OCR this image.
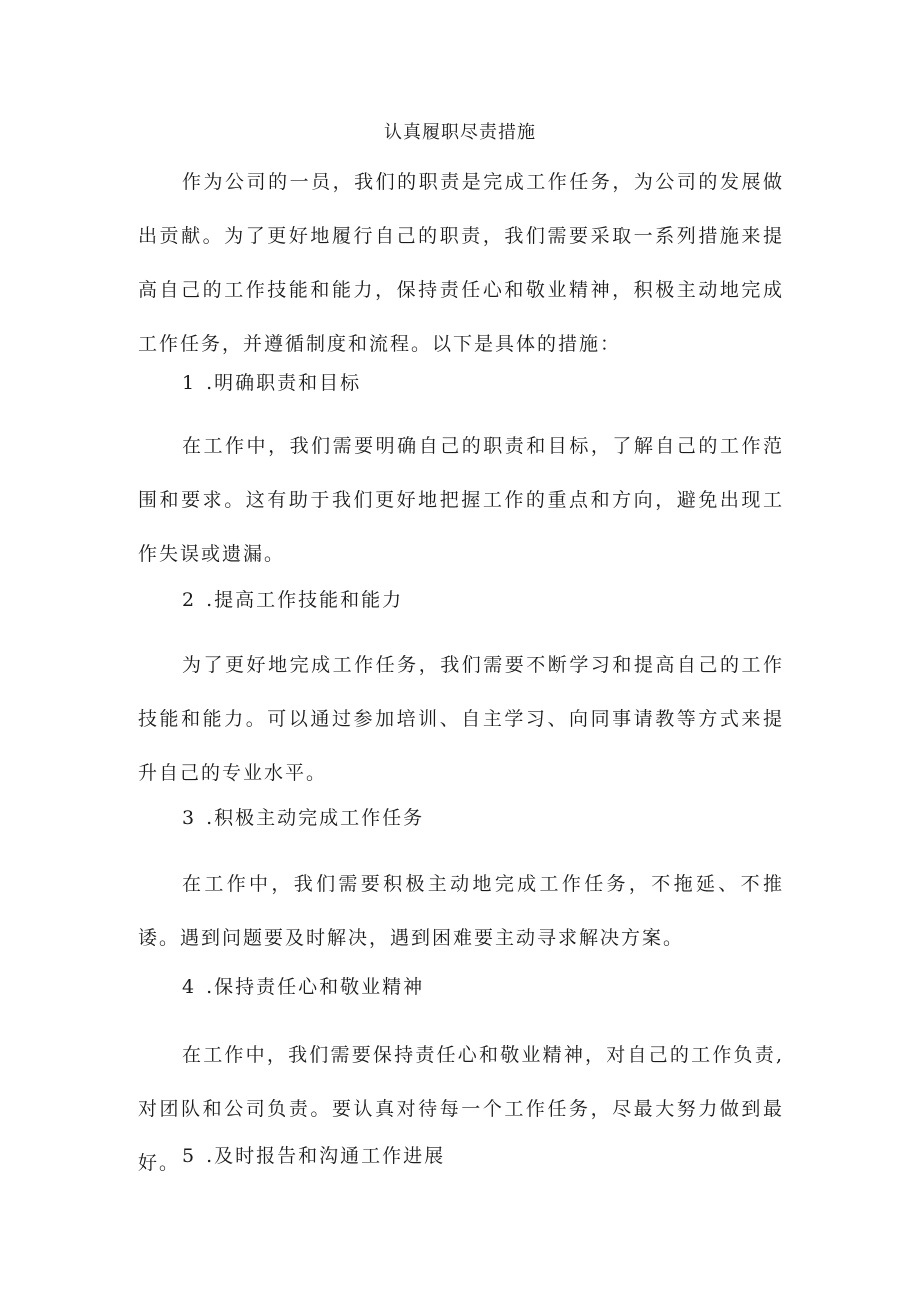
认真履职尽责措施

作为公司的一员，我们的职责是完成工作任务，为公司的发展做出贡献。为了更好地履行自己的职责，我们需要采取一系列措施来提高自己的工作技能和能力，保持责任心和敬业精神，积极主动地完成工作任务，并遵循制度和流程。以下是具体的措施：

1 .明确职责和目标

在工作中，我们需要明确自己的职责和目标，了解自己的工作范围和要求。这有助于我们更好地把握工作的重点和方向，避免出现工作失误或遗漏。

2 .提高工作技能和能力

为了更好地完成工作任务，我们需要不断学习和提高自己的工作技能和能力。可以通过参加培训、自主学习、向同事请教等方式来提升自己的专业水平。

3 .积极主动完成工作任务

在工作中，我们需要积极主动地完成工作任务，不拖延、不推诿。遇到问题要及时解决，遇到困难要主动寻求解决方案。

4 .保持责任心和敬业精神

在工作中，我们需要保持责任心和敬业精神，对自己的工作负责,对团队和公司负责。要认真对待每一个工作任务，尽最大努力做到最好。 5 .及时报告和沟通工作进展
